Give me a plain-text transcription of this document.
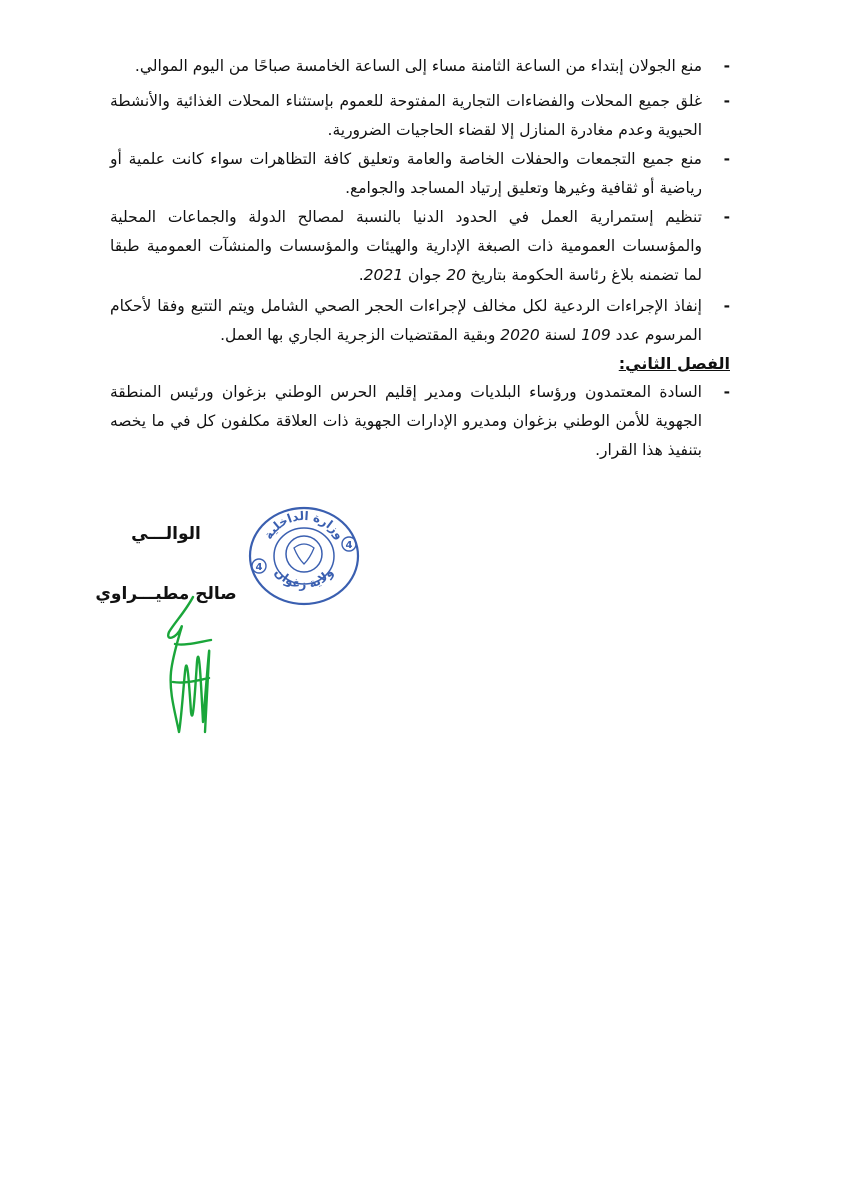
-
منع الجولان إبتداء من الساعة الثامنة مساء إلى الساعة الخامسة صباحًا من اليوم الموالي.
-
غلق جميع المحلات والفضاءات التجارية المفتوحة للعموم بإستثناء المحلات الغذائية والأنشطة الحيوية وعدم مغادرة المنازل إلا لقضاء الحاجيات الضرورية.
-
منع جميع التجمعات والحفلات الخاصة والعامة وتعليق كافة التظاهرات سواء كانت علمية أو رياضية أو ثقافية وغيرها وتعليق إرتياد المساجد والجوامع.
-
تنظيم إستمرارية العمل في الحدود الدنيا بالنسبة لمصالح الدولة والجماعات المحلية والمؤسسات العمومية ذات الصبغة الإدارية والهيئات والمؤسسات والمنشآت العمومية طبقا لما تضمنه بلاغ رئاسة الحكومة بتاريخ 20 جوان 2021.
-
إنفاذ الإجراءات الردعية لكل مخالف لإجراءات الحجر الصحي الشامل ويتم التتبع وفقا لأحكام المرسوم عدد 109 لسنة 2020 وبقية المقتضيات الزجرية الجاري بها العمل.
الفصل الثاني:
-
السادة المعتمدون ورؤساء البلديات ومدير إقليم الحرس الوطني بزغوان ورئيس المنطقة الجهوية للأمن الوطني بزغوان ومديرو الإدارات الجهوية ذات العلاقة مكلفون كل في ما يخصه بتنفيذ هذا القرار.
الوالـــي
صالح مطيـــراوي
4
4
وزارة الداخلية
ولاية زغوان
